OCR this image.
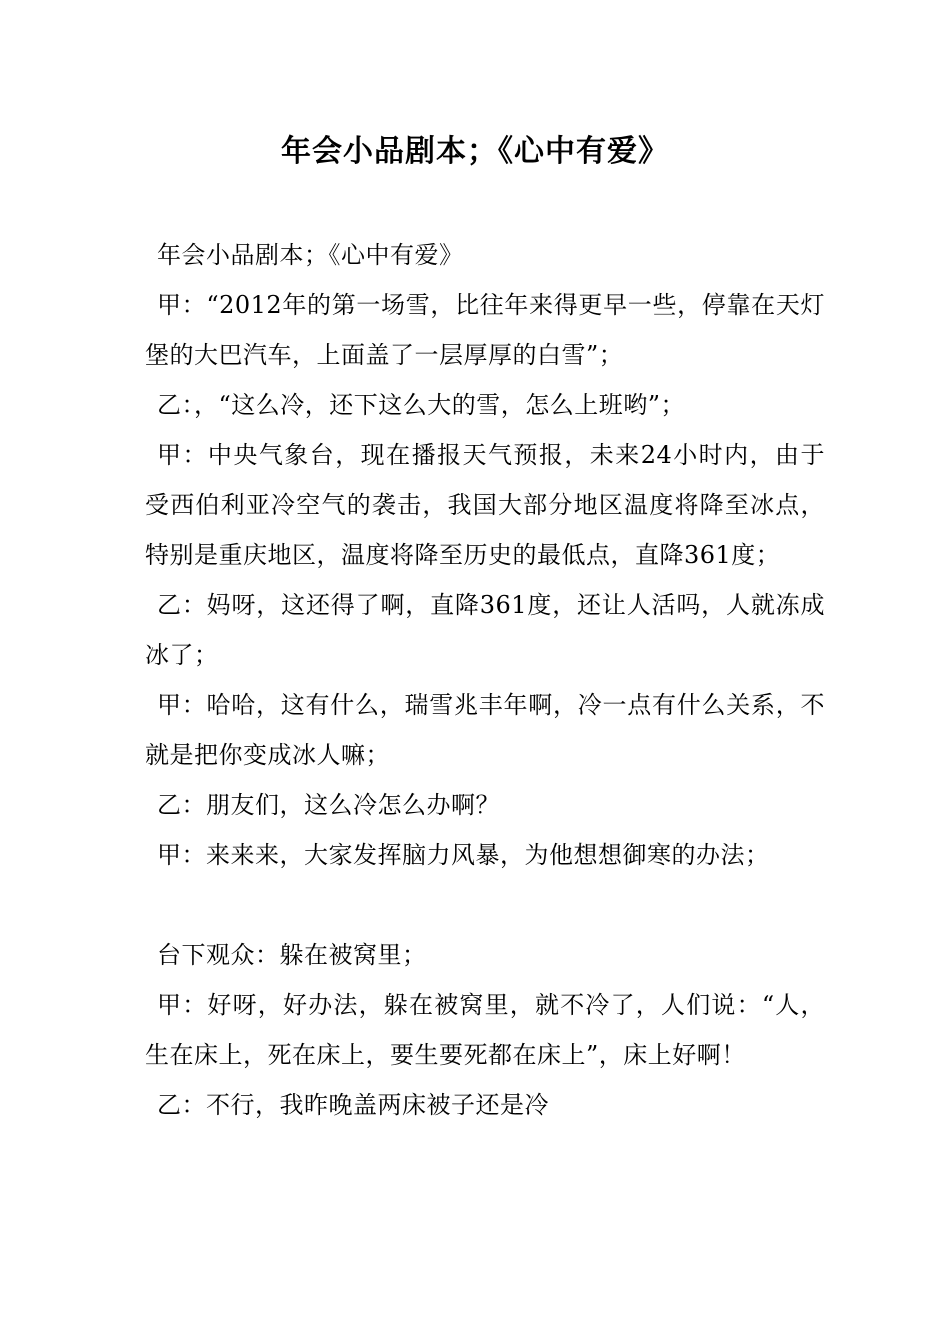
年会小品剧本；《心中有爱》

年会小品剧本；《心中有爱》

甲：“2012年的第一场雪，比往年来得更早一些，停靠在天灯堡的大巴汽车，上面盖了一层厚厚的白雪”；

乙：，“这么冷，还下这么大的雪，怎么上班哟”；

甲：中央气象台，现在播报天气预报，未来24小时内，由于受西伯利亚冷空气的袭击，我国大部分地区温度将降至冰点，特别是重庆地区，温度将降至历史的最低点，直降361度；

乙：妈呀，这还得了啊，直降361度，还让人活吗，人就冻成冰了；

甲：哈哈，这有什么，瑞雪兆丰年啊，冷一点有什么关系，不就是把你变成冰人嘛；

乙：朋友们，这么冷怎么办啊？

甲：来来来，大家发挥脑力风暴，为他想想御寒的办法；

台下观众：躲在被窝里；

甲：好呀，好办法，躲在被窝里，就不冷了，人们说：“人，生在床上，死在床上，要生要死都在床上”，床上好啊！

乙：不行，我昨晚盖两床被子还是冷
